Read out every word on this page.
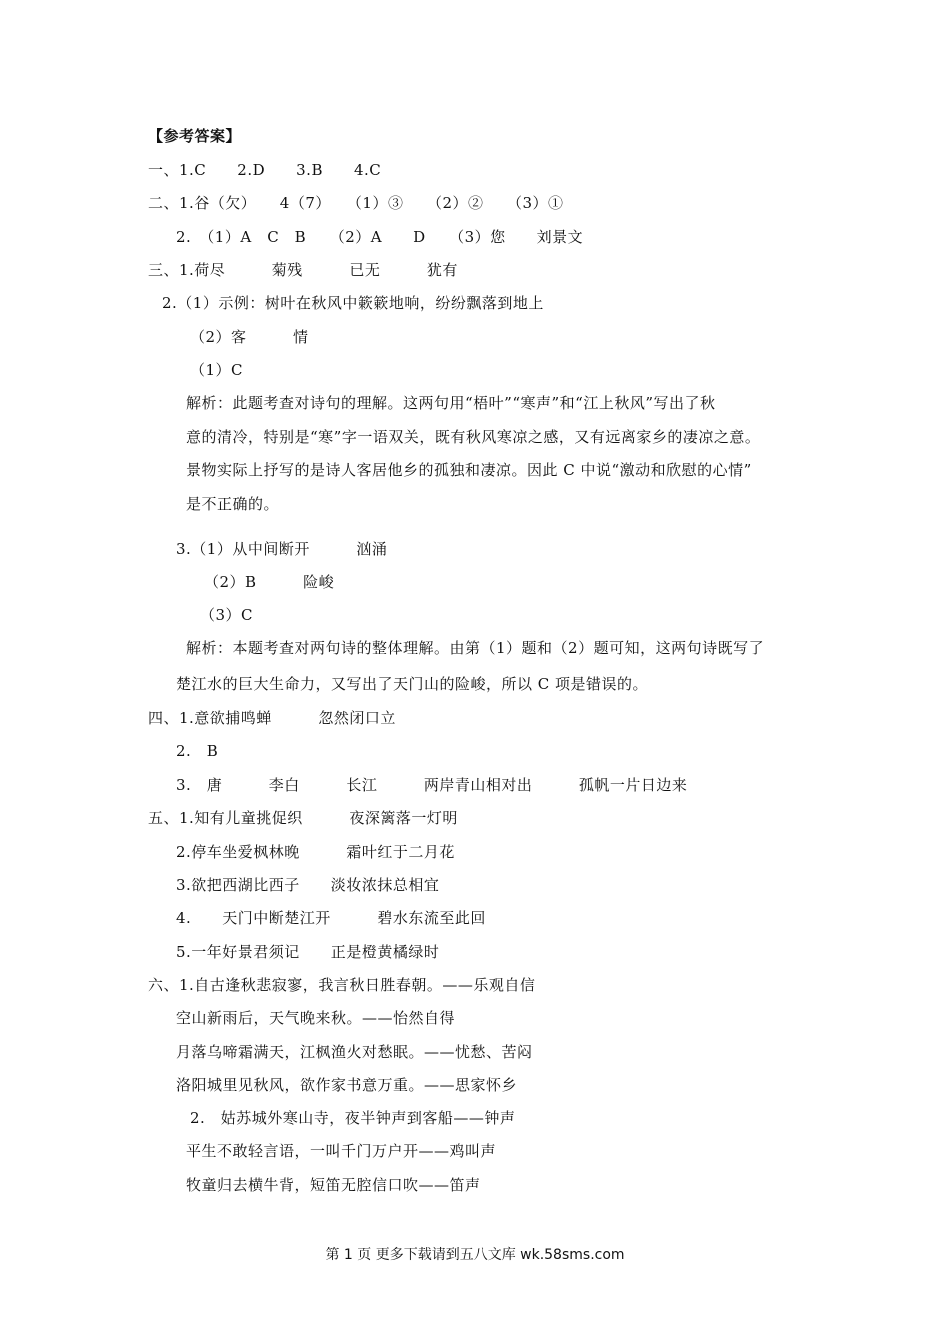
【参考答案】
一、1.C　　2.D　　3.B　　4.C
二、1.谷（欠）　　4（7）　　（1）③　　（2）②　　（3）①
2.　（1）A　C　B　　（2）A　　D　　（3）您　　刘景文
三、1.荷尽　　　菊残　　　已无　　　犹有
2.（1）示例：树叶在秋风中簌簌地响，纷纷飘落到地上
（2）客　　　情
（1）C
解析：此题考查对诗句的理解。这两句用“梧叶”“寒声”和“江上秋风”写出了秋
意的清冷，特别是“寒”字一语双关，既有秋风寒凉之感，又有远离家乡的凄凉之意。
景物实际上抒写的是诗人客居他乡的孤独和凄凉。因此 C 中说“激动和欣慰的心情”
是不正确的。
3.（1）从中间断开　　　汹涌
（2）B　　　险峻
（3）C
解析：本题考查对两句诗的整体理解。由第（1）题和（2）题可知，这两句诗既写了
楚江水的巨大生命力，又写出了天门山的险峻，所以 C 项是错误的。
四、1.意欲捕鸣蝉　　　忽然闭口立
2.　B
3.　唐　　　李白　　　长江　　　两岸青山相对出　　　孤帆一片日边来
五、1.知有儿童挑促织　　　夜深篱落一灯明
2.停车坐爱枫林晚　　　霜叶红于二月花
3.欲把西湖比西子　　淡妆浓抹总相宜
4.　　天门中断楚江开　　　碧水东流至此回
5.一年好景君须记　　正是橙黄橘绿时
六、1.自古逢秋悲寂寥，我言秋日胜春朝。——乐观自信
空山新雨后，天气晚来秋。——怡然自得
月落乌啼霜满天，江枫渔火对愁眠。——忧愁、苦闷
洛阳城里见秋风，欲作家书意万重。——思家怀乡
2.　姑苏城外寒山寺，夜半钟声到客船——钟声
平生不敢轻言语，一叫千门万户开——鸡叫声
牧童归去横牛背，短笛无腔信口吹——笛声
第 1 页 更多下载请到五八文库 wk.58sms.com
